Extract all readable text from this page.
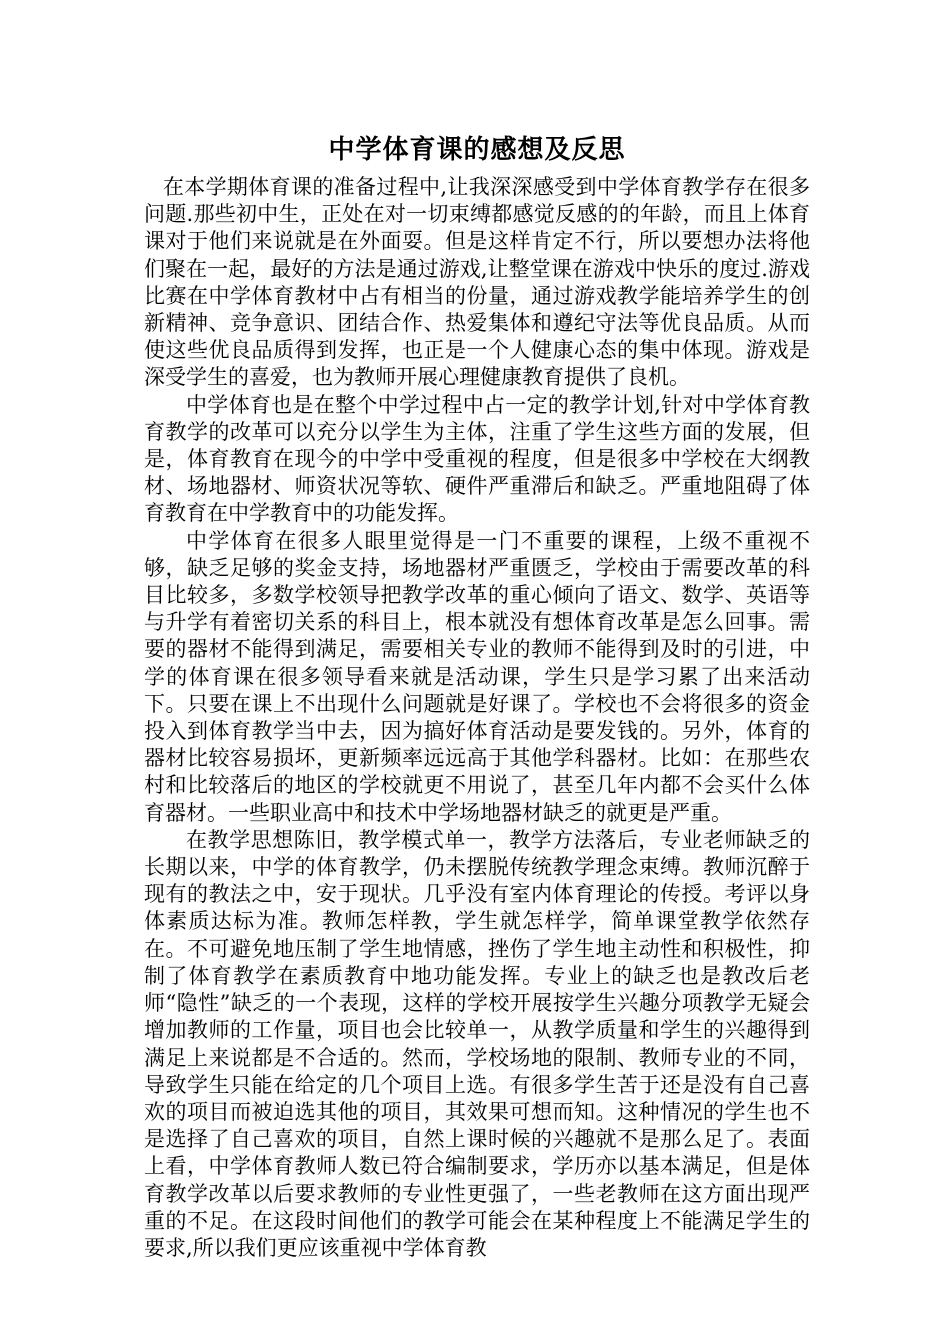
中学体育课的感想及反思

在本学期体育课的准备过程中,让我深深感受到中学体育教学存在很多问题.那些初中生，正处在对一切束缚都感觉反感的的年龄，而且上体育课对于他们来说就是在外面耍。但是这样肯定不行，所以要想办法将他们聚在一起，最好的方法是通过游戏,让整堂课在游戏中快乐的度过.游戏比赛在中学体育教材中占有相当的份量，通过游戏教学能培养学生的创新精神、竞争意识、团结合作、热爱集体和遵纪守法等优良品质。从而使这些优良品质得到发挥，也正是一个人健康心态的集中体现。游戏是深受学生的喜爱，也为教师开展心理健康教育提供了良机。

中学体育也是在整个中学过程中占一定的教学计划,针对中学体育教育教学的改革可以充分以学生为主体，注重了学生这些方面的发展，但是，体育教育在现今的中学中受重视的程度，但是很多中学校在大纲教材、场地器材、师资状况等软、硬件严重滞后和缺乏。严重地阻碍了体育教育在中学教育中的功能发挥。

中学体育在很多人眼里觉得是一门不重要的课程，上级不重视不够，缺乏足够的奖金支持，场地器材严重匮乏，学校由于需要改革的科目比较多，多数学校领导把教学改革的重心倾向了语文、数学、英语等与升学有着密切关系的科目上，根本就没有想体育改革是怎么回事。需要的器材不能得到满足，需要相关专业的教师不能得到及时的引进，中学的体育课在很多领导看来就是活动课，学生只是学习累了出来活动下。只要在课上不出现什么问题就是好课了。学校也不会将很多的资金投入到体育教学当中去，因为搞好体育活动是要发钱的。另外，体育的器材比较容易损坏，更新频率远远高于其他学科器材。比如：在那些农村和比较落后的地区的学校就更不用说了，甚至几年内都不会买什么体育器材。一些职业高中和技术中学场地器材缺乏的就更是严重。

在教学思想陈旧，教学模式单一，教学方法落后，专业老师缺乏的长期以来，中学的体育教学，仍未摆脱传统教学理念束缚。教师沉醉于现有的教法之中，安于现状。几乎没有室内体育理论的传授。考评以身体素质达标为准。教师怎样教，学生就怎样学，简单课堂教学依然存在。不可避免地压制了学生地情感，挫伤了学生地主动性和积极性，抑制了体育教学在素质教育中地功能发挥。专业上的缺乏也是教改后老师“隐性”缺乏的一个表现，这样的学校开展按学生兴趣分项教学无疑会增加教师的工作量，项目也会比较单一，从教学质量和学生的兴趣得到满足上来说都是不合适的。然而，学校场地的限制、教师专业的不同，导致学生只能在给定的几个项目上选。有很多学生苦于还是没有自己喜欢的项目而被迫选其他的项目，其效果可想而知。这种情况的学生也不是选择了自己喜欢的项目，自然上课时候的兴趣就不是那么足了。表面上看，中学体育教师人数已符合编制要求，学历亦以基本满足，但是体育教学改革以后要求教师的专业性更强了，一些老教师在这方面出现严重的不足。在这段时间他们的教学可能会在某种程度上不能满足学生的要求,所以我们更应该重视中学体育教
